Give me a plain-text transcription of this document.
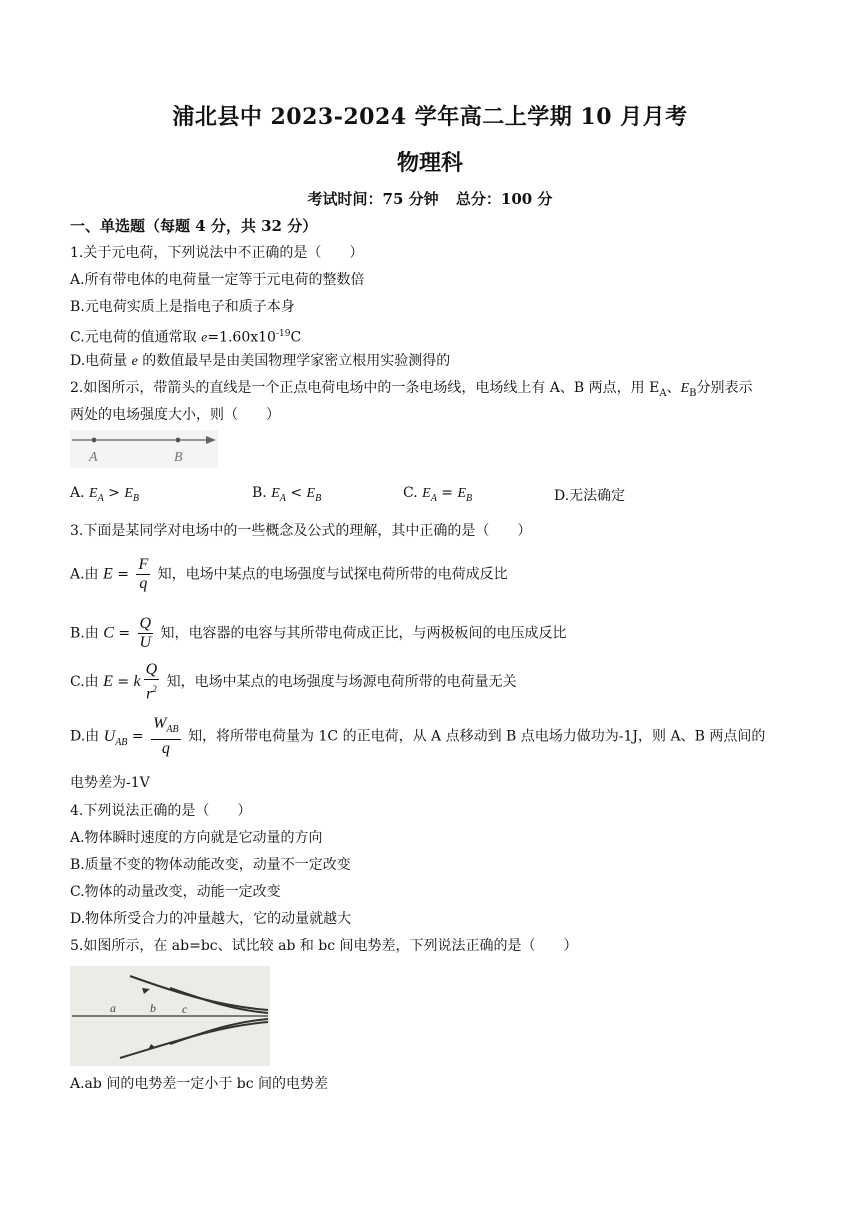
浦北县中 2023-2024 学年高二上学期 10 月月考
物理科
考试时间：75 分钟 总分：100 分
一、单选题（每题 4 分，共 32 分）
1.关于元电荷，下列说法中不正确的是（　　）
A.所有带电体的电荷量一定等于元电荷的整数倍
B.元电荷实质上是指电子和质子本身
C.元电荷的值通常取 $e=1.60x10^{-19}C$
D.电荷量 e 的数值最早是由美国物理学家密立根用实验测得的
2.如图所示，带箭头的直线是一个正点电荷电场中的一条电场线，电场线上有 A、B 两点，用 $E_A$、$E_B$分别表示
两处的电场强度大小，则（　　）
A	B
A. $E_A > E_B$	B. $E_A < E_B$	C. $E_A = E_B$	D.无法确定
3.下面是某同学对电场中的一些概念及公式的理解，其中正确的是（　　）
A.由 $E = \frac{F}{q}$ 知，电场中某点的电场强度与试探电荷所带的电荷成反比
B.由 $C = \frac{Q}{U}$ 知，电容器的电容与其所带电荷成正比，与两极板间的电压成反比
C.由 E = k $\frac{Q}{r^2}$ 知，电场中某点的电场强度与场源电荷所带的电荷量无关
D.由 $U_{AB} = \frac{W_{AB}}{q}$ 知，将所带电荷量为 1C 的正电荷，从 A 点移动到 B 点电场力做功为-1J，则 A、B 两点间的
电势差为-1V
4.下列说法正确的是（　　）
A.物体瞬时速度的方向就是它动量的方向
B.质量不变的物体动能改变，动量不一定改变
C.物体的动量改变，动能一定改变
D.物体所受合力的冲量越大，它的动量就越大
5.如图所示，在 ab=bc、试比较 ab 和 bc 间电势差，下列说法正确的是（　　）
a	b c
A.ab 间的电势差一定小于 bc 间的电势差
